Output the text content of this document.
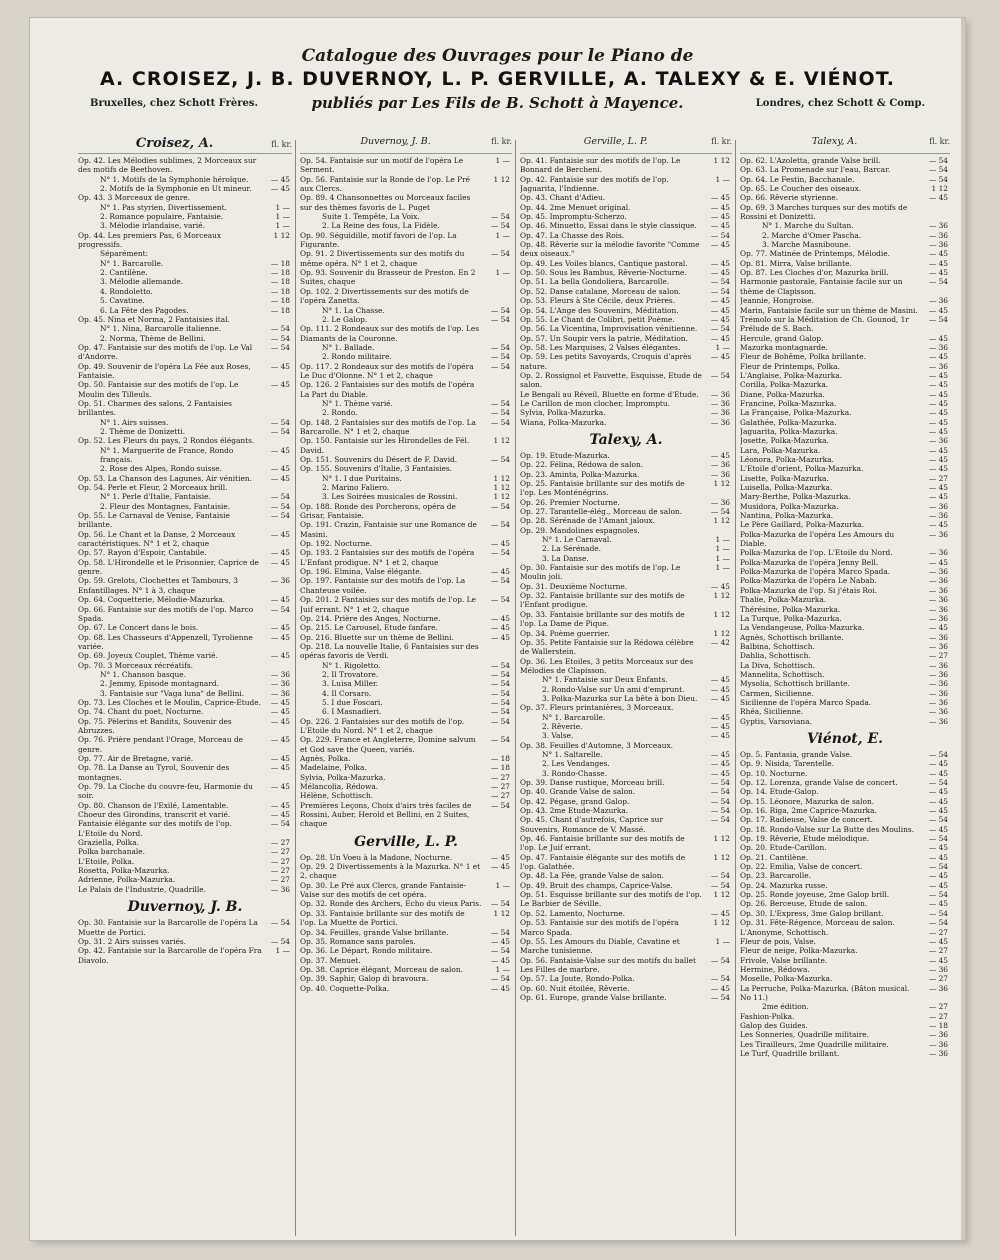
Catalogue des Ouvrages pour le Piano de
A. CROISEZ, J. B. DUVERNOY, L. P. GERVILLE, A. TALEXY & E. VIÉNOT.
Bruxelles, chez Schott Frères.	publiés par Les Fils de B. Schott à Mayence.	Londres, chez Schott & Comp.
Croisez, A.	fl. kr.
Op. 42. Les Mélodies sublimes, 2 Morceaux sur des motifs de Beethoven.
N° 1. Motifs de la Symphonie héroïque.	— 45
2. Motifs de la Symphonie en Ut mineur.	— 45
Op. 43. 3 Morceaux de genre.
N° 1. Pas styrien, Divertissement.	1 —
2. Romance populaire, Fantaisie.	1 —
3. Mélodie irlandaise, varié.	1 —
Op. 44. Les premiers Pas, 6 Morceaux progressifs.
1 12
Séparément:
N° 1. Barcarolle.	— 18
2. Cantilène.	— 18
3. Mélodie allemande.	— 18
4. Rondoletto.	— 18
5. Cavatine.	— 18
6. La Fête des Pagodes.	— 18
Op. 45. Nina et Norma, 2 Fantaisies ital.
N° 1. Nina, Barcarolle italienne.	— 54
2. Norma, Thème de Bellini.	— 54
Op. 47. Fantaisie sur des motifs de l'op. Le Val d'Andorre.
— 54
Op. 49. Souvenir de l'opéra La Fée aux Roses, Fantaisie.
— 45
Op. 50. Fantaisie sur des motifs de l'op. Le Moulin des Tilleuls.
— 45
Op. 51. Charmes des salons, 2 Fantaisies brillantes.
N° 1. Airs suisses.	— 54
2. Thème de Donizetti.	— 54
Op. 52. Les Fleurs du pays, 2 Rondos élégants.
N° 1. Marguerite de France, Rondo français.
— 45
2. Rose des Alpes, Rondo suisse.	— 45
Op. 53. La Chanson des Lagunes, Air vénitien.	— 45
Op. 54. Perle et Fleur, 2 Morceaux brill.
N° 1. Perle d'Italie, Fantaisie.	— 54
2. Fleur des Montagnes, Fantaisie.	— 54
Op. 55. Le Carnaval de Venise, Fantaisie brillante.
— 54
Op. 56. Le Chant et la Danse, 2 Morceaux caractéristiques. N° 1 et 2, chaque
— 45
Op. 57. Rayon d'Espoir, Cantabile.	— 45
Op. 58. L'Hirondelle et le Prisonnier, Caprice de genre.
— 45
Op. 59. Grelots, Clochettes et Tambours, 3 Enfantillages. N° 1 à 3, chaque
— 36
Op. 64. Coquetterie, Mélodie-Mazurka.	— 45
Op. 66. Fantaisie sur des motifs de l'op. Marco Spada.
— 54
Op. 67. Le Concert dans le bois.	— 45
Op. 68. Les Chasseurs d'Appenzell, Tyrolienne variée.
— 45
Op. 69. Joyeux Couplet, Thème varié.	— 45
Op. 70. 3 Morceaux récréatifs.
N° 1. Chanson basque.	— 36
2. Jemmy, Episode montagnard.	— 36
3. Fantaisie sur "Vaga luna" de Bellini.	— 36
Op. 73. Les Cloches et le Moulin, Caprice-Etude. — 45
Op. 74. Chant du poet, Nocturne.	— 45
Op. 75. Pèlerins et Bandits, Souvenir des Abruzzes.
— 45
Op. 76. Prière pendant l'Orage, Morceau de genre.
— 45
Op. 77. Air de Bretagne, varié.	— 45
Op. 78. La Danse au Tyrol, Souvenir des montagnes.
— 45
Op. 79. La Cloche du couvre-feu, Harmonie du soir.
— 45
Op. 80. Chanson de l'Exilé, Lamentable.	— 45
Choeur des Girondins, transcrit et varié.	— 45
Fantaisie élégante sur des motifs de l'op. L'Etoile du Nord.
— 54
Graziella, Polka.	— 27
Polka barchanale.	— 27
L'Etoile, Polka.	— 27
Rosetta, Polka-Mazurka.	— 27
Adrienne, Polka-Mazurka.	— 27
Le Palais de l'Industrie, Quadrille.	— 36
Duvernoy, J. B.
Op. 30. Fantaisie sur la Barcarolle de l'opéra La Muette de Portici.
— 54
Op. 31. 2 Airs suisses variés.	— 54
Op. 42. Fantaisie sur la Barcarolle de l'opéra Fra Diavolo.
1 —
Duvernoy, J. B.	fl. kr.
Op. 54. Fantaisie sur un motif de l'opéra Le Serment.
1 —
Op. 56. Fantaisie sur la Ronde de l'op. Le Pré aux Clercs.
1 12
Op. 89. 4 Chansonnettes ou Morceaux faciles sur des thèmes favoris de L. Puget
Suite 1. Tempête, La Voix.	— 54
2. La Reine des fous, La Fidèle.	— 54
Op. 90. Séguidille, motif favori de l'op. La Figurante.
1 —
Op. 91. 2 Divertissements sur des motifs du même opéra. N° 1 et 2, chaque
— 54
Op. 93. Souvenir du Brasseur de Preston. En 2 Suites, chaque
1 —
Op. 102. 2 Divertissements sur des motifs de l'opéra Zanetta.
N° 1. La Chasse.	— 54
2. Le Galop.	— 54
Op. 111. 2 Rondeaux sur des motifs de l'op. Les Diamants de la Couronne.
N° 1. Ballade.	— 54
2. Rondo militaire.	— 54
Op. 117. 2 Rondeaux sur des motifs de l'opéra Le Duc d'Olonne. N° 1 et 2, chaque
— 54
Op. 126. 2 Fantaisies sur des motifs de l'opéra La Part du Diable.
N° 1. Thème varié.	— 54
2. Rondo.	— 54
Op. 148. 2 Fantaisies sur des motifs de l'op. La Barcarolle. N° 1 et 2, chaque
— 54
Op. 150. Fantaisie sur les Hirondelles de Fél. David.
1 12
Op. 151. Souvenirs du Désert de F. David.	— 54
Op. 155. Souvenirs d'Italie, 3 Fantaisies.
N° 1. I due Puritains.	1 12
2. Marino Faliero.	1 12
3. Les Soirées musicales de Rossini.	1 12
Op. 188. Ronde des Porcherons, opéra de Grisar, Fantaisie.
— 54
Op. 191. Crazin, Fantaisie sur une Romance de Masini.
— 54
Op. 192. Nocturne.	— 45
Op. 193. 2 Fantaisies sur des motifs de l'opéra L'Enfant prodigue. N° 1 et 2, chaque
— 54
Op. 196. Elmina, Valse élégante.	— 45
Op. 197. Fantaisie sur des motifs de l'op. La Chanteuse voilée.
— 54
Op. 201. 2 Fantaisies sur des motifs de l'op. Le Juif errant. N° 1 et 2, chaque
— 54
Op. 214. Prière des Anges, Nocturne.	— 45
Op. 215. Le Carousel, Etude fanfare.	— 45
Op. 216. Bluette sur un thème de Bellini.	— 45
Op. 218. La nouvelle Italie, 6 Fantaisies sur des opéras favoris de Verdi.
N° 1. Rigoletto.	— 54
2. Il Trovatore.	— 54
3. Luisa Miller.	— 54
4. Il Corsaro.	— 54
5. I due Foscari.	— 54
6. I Masnadieri.	— 54
Op. 226. 2 Fantaisies sur des motifs de l'op. L'Etoile du Nord. N° 1 et 2, chaque
— 54
Op. 229. France et Angleterre, Domine salvum et God save the Queen, variés.
— 54
Agnès, Polka.	— 18
Madelaine, Polka.	— 18
Sylvia, Polka-Mazurka.	— 27
Mélancolia, Rédowa.	— 27
Hélène, Schottisch.	— 27
Premières Leçons, Choix d'airs très faciles de Rossini, Auber, Herold et Bellini, en 2 Suites, chaque
— 54
Gerville, L. P.
Op. 28. Un Voeu à la Madone, Nocturne.	— 45
Op. 29. 2 Divertissements à la Mazurka. N° 1 et 2, chaque
— 45
Op. 30. Le Pré aux Clercs, grande Fantaisie-Valse sur des motifs de cet opéra.
1 —
Op. 32. Ronde des Archers, Echo du vieux Paris. — 54
Op. 33. Fantaisie brillante sur des motifs de l'op. La Muette de Portici.
1 12
Op. 34. Feuilles, grande Valse brillante.	— 54
Op. 35. Romance sans paroles.	— 45
Op. 36. Le Départ, Rondo militaire.	— 54
Op. 37. Menuet.	— 45
Op. 38. Caprice élégant, Morceau de salon.	1 —
Op. 39. Saphir, Galop di bravoura.	— 54
Op. 40. Coquette-Polka.	— 45
Gerville, L. P.	fl. kr.
Op. 41. Fantaisie sur des motifs de l'op. Le Bonnard de Bercheni.
1 12
Op. 42. Fantaisie sur des motifs de l'op. Jaguarita, l'Indienne.
1 —
Op. 43. Chant d'Adieu.	— 45
Op. 44. 2me Menuet original.	— 45
Op. 45. Impromptu-Scherzo.	— 45
Op. 46. Minuetto, Essai dans le style classique. — 45
Op. 47. La Chasse des Rois.	— 54
Op. 48. Rêverie sur la mélodie favorite "Comme deux oiseaux."
— 45
Op. 49. Les Voiles blancs, Cantique pastoral.	— 45
Op. 50. Sous les Bambus, Rêverie-Nocturne.	— 45
Op. 51. La bella Gondoliera, Barcarolle.	— 54
Op. 52. Danse catalane, Morceau de salon.	— 54
Op. 53. Fleurs à Ste Cécile, deux Prières.	— 45
Op. 54. L'Ange des Souvenirs, Méditation.	— 45
Op. 55. Le Chant de Colibri, petit Poème.	— 45
Op. 56. La Vicentina, Improvisation vénitienne. — 54
Op. 57. Un Soupir vers la patrie, Méditation.	— 45
Op. 58. Les Marquises, 2 Valses élégantes.	1 —
Op. 59. Les petits Savoyards, Croquis d'après nature.
— 45
Op. 2. Rossignol et Fauvette, Esquisse, Etude de salon.
— 54
Le Bengali au Réveil, Bluette en forme d'Etude. — 36
Le Carillon de mon clocher, Impromptu.	— 36
Sylvia, Polka-Mazurka.	— 36
Wiana, Polka-Mazurka.	— 36
Talexy, A.
Op. 19. Etude-Mazurka.	— 45
Op. 22. Félina, Rédowa de salon.	— 36
Op. 23. Aminta, Polka-Mazurka.	— 36
Op. 25. Fantaisie brillante sur des motifs de l'op. Les Monténégrins.
1 12
Op. 26. Premier Nocturne.	— 36
Op. 27. Tarantelle-élég., Morceau de salon.	— 54
Op. 28. Sérénade de l'Amant jaloux.	1 12
Op. 29. Mandolines espagnoles.
N° 1. Le Carnaval.	1 —
2. La Sérénade.	1 —
3. La Danse.	1 —
Op. 30. Fantaisie sur des motifs de l'op. Le Moulin joli.
1 —
Op. 31. Deuxième Nocturne.	— 45
Op. 32. Fantaisie brillante sur des motifs de l'Enfant prodigue.
1 12
Op. 33. Fantaisie brillante sur des motifs de l'op. La Dame de Pique.
1 12
Op. 34. Poème guerrier.	1 12
Op. 35. Petite Fantaisie sur la Rédowa célèbre de Wallerstein.
— 42
Op. 36. Les Etoiles, 3 petits Morceaux sur des Mélodies de Clapisson.
N° 1. Fantaisie sur Deux Enfants.	— 45
2. Rondo-Valse sur Un ami d'emprunt.	— 45
3. Polka-Mazurka sur La bête à bon Dieu. — 45
Op. 37. Fleurs printanières, 3 Morceaux.
N° 1. Barcarolle.	— 45
2. Rêverie.	— 45
3. Valse.	— 45
Op. 38. Feuilles d'Automne, 3 Morceaux.
N° 1. Saltarelle.	— 45
2. Les Vendanges.	— 45
3. Rondo-Chasse.	— 45
Op. 39. Danse rustique, Morceau brill.	— 54
Op. 40. Grande Valse de salon.	— 54
Op. 42. Pégase, grand Galop.	— 54
Op. 43. 2me Etude-Mazurka.	— 54
Op. 45. Chant d'autrefois, Caprice sur Souvenirs, Romance de V. Massé.
— 54
Op. 46. Fantaisie brillante sur des motifs de l'op. Le Juif errant.
1 12
Op. 47. Fantaisie élégante sur des motifs de l'op. Galathée.
1 12
Op. 48. La Fée, grande Valse de salon.	— 54
Op. 49. Bruit des champs, Caprice-Valse.	— 54
Op. 51. Esquisse brillante sur des motifs de l'op. Le Barbier de Séville.
1 12
Op. 52. Lamento, Nocturne.	— 45
Op. 53. Fantaisie sur des motifs de l'opéra Marco Spada.
1 12
Op. 55. Les Amours du Diable, Cavatine et Marche tunisienne.
1 —
Op. 56. Fantaisie-Valse sur des motifs du ballet Les Filles de marbre.
— 54
Op. 57. La Joute, Rondo-Polka.	— 54
Op. 60. Nuit étoilée, Rêverie.	— 45
Op. 61. Europe, grande Valse brillante.	— 54
Talexy, A.	fl. kr.
Op. 62. L'Azoletta, grande Valse brill.	— 54
Op. 63. La Promenade sur l'eau, Barcar.	— 54
Op. 64. Le Festin, Bacchanale.	— 54
Op. 65. Le Coucher des oiseaux.	1 12
Op. 66. Rêverie styrienne.	— 45
Op. 69. 3 Marches turques sur des motifs de Rossini et Donizetti.
N° 1. Marche du Sultan.	— 36
2. Marche d'Omer Pascha.	— 36
3. Marche Masniboune.	— 36
Op. 77. Matinée de Printemps, Mélodie.	— 45
Op. 81. Mirra, Valse brillante.	— 45
Op. 87. Les Cloches d'or, Mazurka brill.	— 45
Harmonie pastorale, Fantaisie facile sur un thème de Clapisson.
— 54
Jeannie, Hongroise.	— 36
Marin, Fantaisie facile sur un thème de Masini. — 45
Trémolo sur la Méditation de Ch. Gounod, 1r Prélude de S. Bach.
— 54
Hercule, grand Galop.	— 45
Mazurka montagnarde.	— 36
Fleur de Bohême, Polka brillante.	— 45
Fleur de Printemps, Polka.	— 36
L'Anglaise, Polka-Mazurka.	— 45
Corilla, Polka-Mazurka.	— 45
Diane, Polka-Mazurka.	— 45
Francine, Polka-Mazurka.	— 45
La Française, Polka-Mazurka.	— 45
Galathée, Polka-Mazurka.	— 45
Jaguarita, Polka-Mazurka.	— 45
Josette, Polka-Mazurka.	— 36
Lara, Polka-Mazurka.	— 45
Léonora, Polka-Mazurka.	— 45
L'Etoile d'orient, Polka-Mazurka.	— 45
Lisette, Polka-Mazurka.	— 27
Luisella, Polka-Mazurka.	— 45
Mary-Berthe, Polka-Mazurka.	— 45
Musidora, Polka-Mazurka.	— 36
Nantina, Polka-Mazurka.	— 36
Le Père Gaillard, Polka-Mazurka.	— 45
Polka-Mazurka de l'opéra Les Amours du Diable.
— 36
Polka-Mazurka de l'op. L'Etoile du Nord.	— 36
Polka-Mazurka de l'opéra Jenny Bell.	— 45
Polka-Mazurka de l'opéra Marco Spada.	— 36
Polka-Mazurka de l'opéra Le Nabab.	— 36
Polka-Mazurka de l'op. Si j'étais Roi.	— 36
Thalie, Polka-Mazurka.	— 36
Thérésine, Polka-Mazurka.	— 36
La Turque, Polka-Mazurka.	— 36
La Vendangeuse, Polka-Mazurka.	— 45
Agnès, Schottisch brillante.	— 36
Balbina, Schottisch.	— 36
Dahlia, Schottisch.	— 27
La Diva, Schottisch.	— 36
Mannelita, Schottisch.	— 36
Mysolia, Schottisch brillante.	— 36
Carmen, Sicilienne.	— 36
Sicilienne de l'opéra Marco Spada.	— 36
Rhéa, Sicilienne.	— 36
Gyptis, Varsoviana.	— 36
Viénot, E.
Op. 5. Fantasia, grande Valse.	— 54
Op. 9. Nisida, Tarentelle.	— 45
Op. 10. Nocturne.	— 45
Op. 12. Lorenza, grande Valse de concert.	— 54
Op. 14. Etude-Galop.	— 45
Op. 15. Léonore, Mazurka de salon.	— 45
Op. 16. Riga, 2me Caprice-Mazurka.	— 45
Op. 17. Radieuse, Valse de concert.	— 54
Op. 18. Rondo-Valse sur La Butte des Moulins. — 45
Op. 19. Rêverie, Etude mélodique.	— 54
Op. 20. Etude-Carillon.	— 45
Op. 21. Cantilène.	— 45
Op. 22. Emilia, Valse de concert.	— 54
Op. 23. Barcarolle.	— 45
Op. 24. Mazurka russe.	— 45
Op. 25. Ronde joyeuse, 2me Galop brill.	— 54
Op. 26. Berceuse, Etude de salon.	— 45
Op. 30. L'Express, 3me Galop brillant.	— 54
Op. 31. Fête-Régence, Morceau de salon.	— 54
L'Anonyme, Schottisch.	— 27
Fleur de pois, Valse.	— 45
Fleur de neige, Polka-Mazurka.	— 27
Frivole, Valse brillante.	— 45
Hermine, Rédowa.	— 36
Moselle, Polka-Mazurka.	— 27
La Perruche, Polka-Mazurka. (Bâton musical. No 11.)
— 36
2me édition.	— 27
Fashion-Polka.	— 27
Galop des Guides.	— 18
Les Sonneries, Quadrille militaire.	— 36
Les Tirailleurs, 2me Quadrille militaire.	— 36
Le Turf, Quadrille brillant.	— 36
